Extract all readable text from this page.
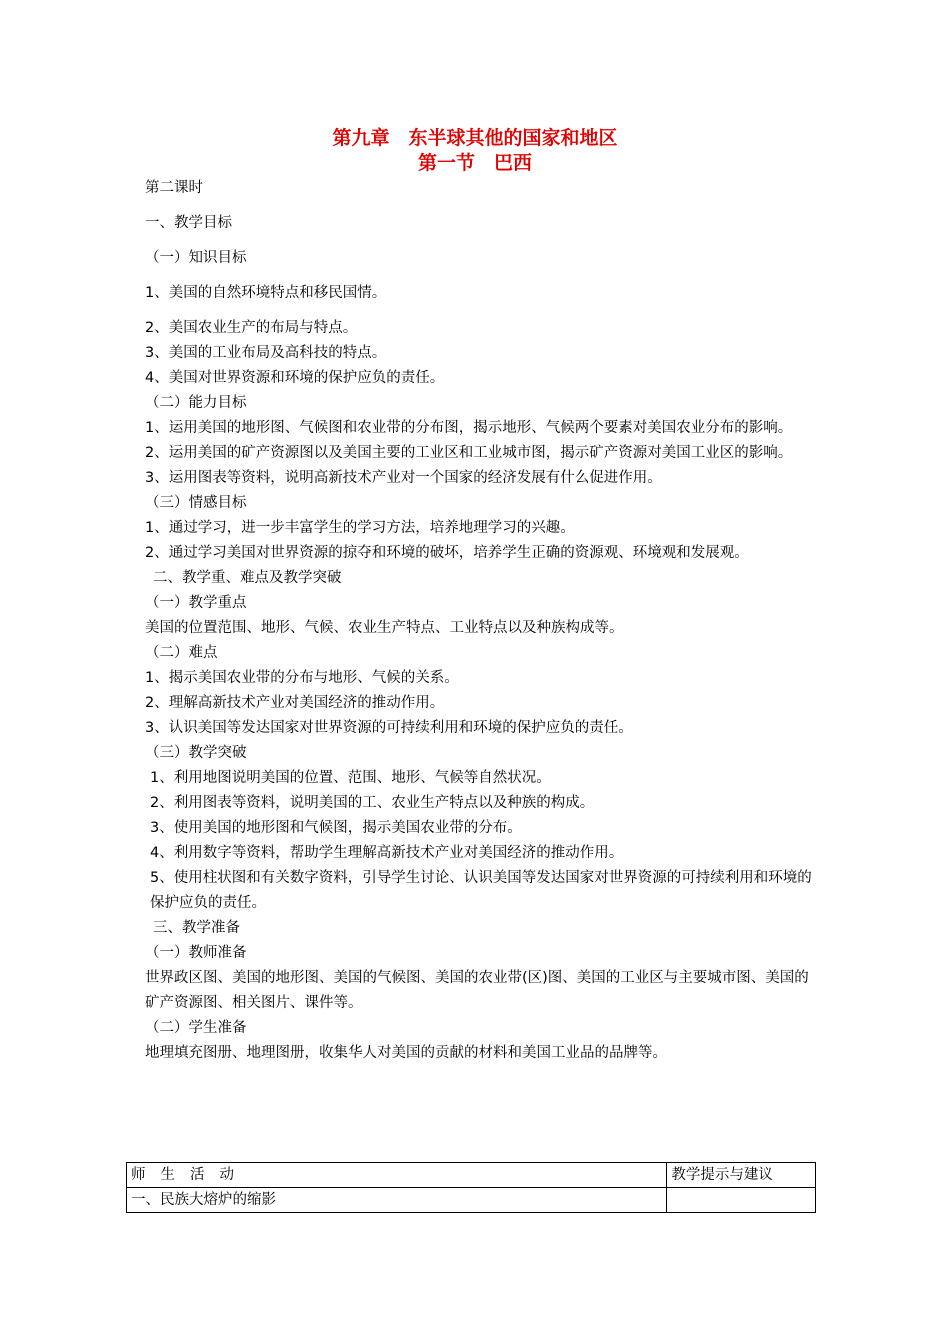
第九章　东半球其他的国家和地区
第一节　巴西

第二课时

一、教学目标

（一）知识目标

1、美国的自然环境特点和移民国情。

2、美国农业生产的布局与特点。

3、美国的工业布局及高科技的特点。

4、美国对世界资源和环境的保护应负的责任。

（二）能力目标

1、运用美国的地形图、气候图和农业带的分布图，揭示地形、气候两个要素对美国农业分布的影响。

2、运用美国的矿产资源图以及美国主要的工业区和工业城市图，揭示矿产资源对美国工业区的影响。

3、运用图表等资料，说明高新技术产业对一个国家的经济发展有什么促进作用。

（三）情感目标

1、通过学习，进一步丰富学生的学习方法，培养地理学习的兴趣。

2、通过学习美国对世界资源的掠夺和环境的破坏，培养学生正确的资源观、环境观和发展观。

二、教学重、难点及教学突破

（一）教学重点

美国的位置范围、地形、气候、农业生产特点、工业特点以及种族构成等。

（二）难点

1、揭示美国农业带的分布与地形、气候的关系。

2、理解高新技术产业对美国经济的推动作用。

3、认识美国等发达国家对世界资源的可持续利用和环境的保护应负的责任。

（三）教学突破

1、利用地图说明美国的位置、范围、地形、气候等自然状况。

2、利用图表等资料，说明美国的工、农业生产特点以及种族的构成。

3、使用美国的地形图和气候图，揭示美国农业带的分布。

4、利用数字等资料，帮助学生理解高新技术产业对美国经济的推动作用。

5、使用柱状图和有关数字资料，引导学生讨论、认识美国等发达国家对世界资源的可持续利用和环境的保护应负的责任。

三、教学准备

（一）教师准备

世界政区图、美国的地形图、美国的气候图、美国的农业带(区)图、美国的工业区与主要城市图、美国的矿产资源图、相关图片、课件等。

（二）学生准备

地理填充图册、地理图册，收集华人对美国的贡献的材料和美国工业品的品牌等。

师生活动	教学提示与建议
一、民族大熔炉的缩影	
